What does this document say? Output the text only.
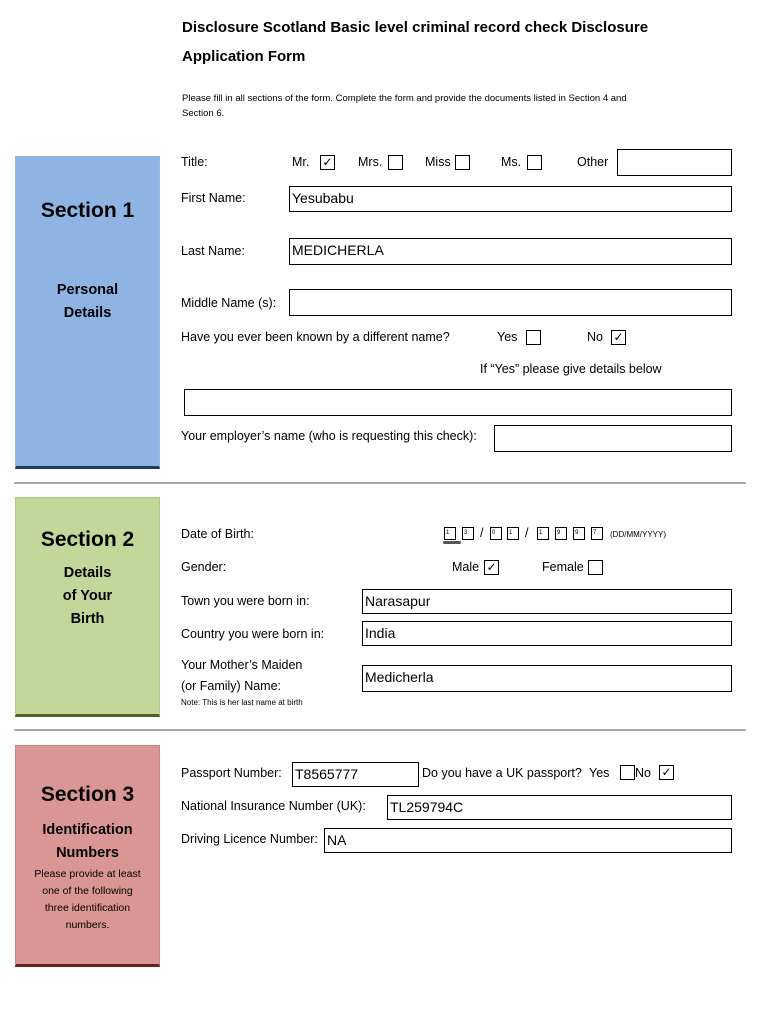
Disclosure Scotland Basic level criminal record check Disclosure
Application Form
Please fill in all sections of the form. Complete the form and provide the documents listed in Section 4 and
Section 6.
Section 1
Personal
Details
Title:	Mr. ✓ Mrs.	Miss	Ms.	Other
First Name:	Yesubabu
Last Name:	MEDICHERLA
Middle Name (s):
Have you ever been known by a different name?	Yes	No ✓
If “Yes” please give details below
Your employer’s name (who is requesting this check):
Section 2
Details
of Your
Birth
Date of Birth:	1	3	/	0	1	/	1	9	9	7	(DD/MM/YYYY)
Gender:	Male ✓	Female
Town you were born in:	Narasapur
Country you were born in:	India
Your Mother’s Maiden
(or Family) Name:
Note: This is her last name at birth
Medicherla
Section 3
Identification
Numbers
Please provide at least
one of the following
three identification
numbers.
Passport Number: T8565777	Do you have a UK passport? Yes No ✓
National Insurance Number (UK): TL259794C
Driving Licence Number: NA
